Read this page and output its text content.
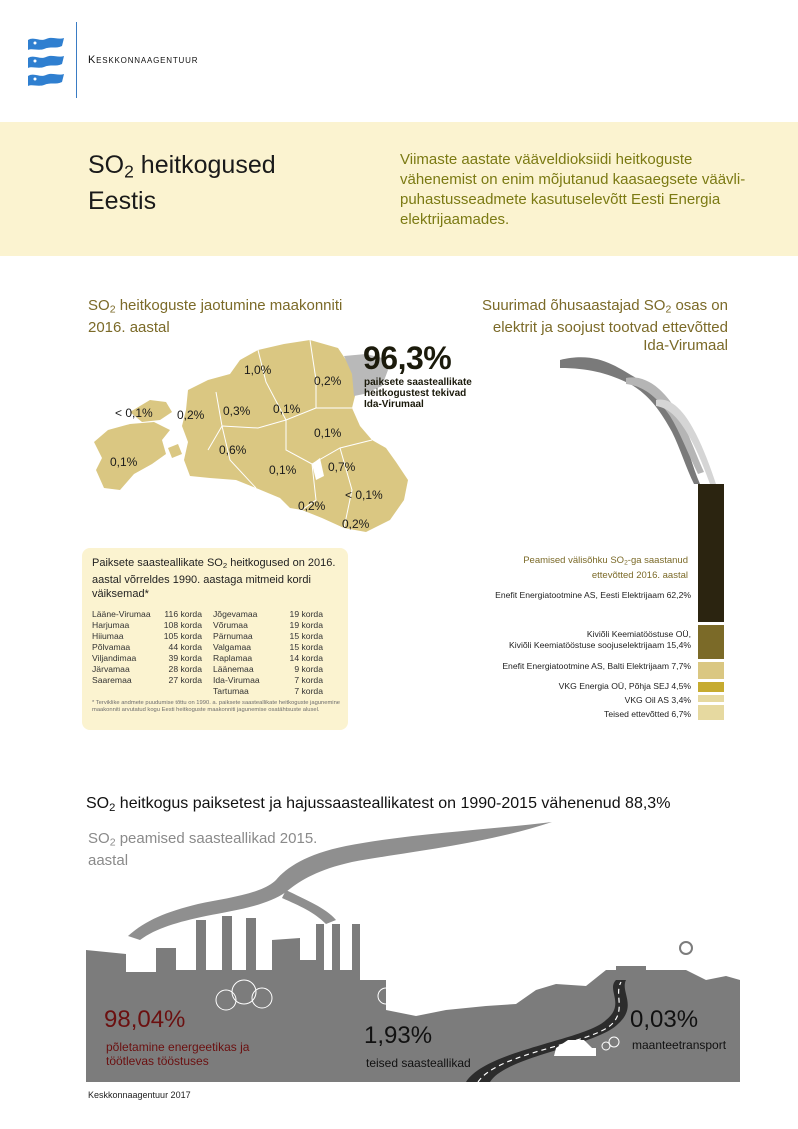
Keskkonnaagentuur
$SO_2$ heitkogused Eestis
Viimaste aastate vääveldioksiidi heitkoguste vähenemist on enim mõjutanud kaasaegsete väävli-puhastusseadmete kasutuselevõtt Eesti Energia elektrijaamades.
$SO_2$ heitkoguste jaotumine maakonniti 2016. aastal
1,0%
0,2%
< 0,1% 0,2% 0,3% 0,1%
0,1%
0,6%
0,1%
0,1%	0,7%
< 0,1%
0,2%
0,2%
96,3%
paiksete saasteallikate heitkogustest tekivad Ida-Virumaal
Paiksete saasteallikate $SO_2$ heitkogused on 2016. aastal võrreldes 1990. aastaga mitmeid kordi väiksemad*
Lääne-Virumaa 116 korda
Harjumaa	108 korda
Hiiumaa	105 korda
Põlvamaa	44 korda
Viljandimaa	39 korda
Järvamaa	28 korda
Saaremaa	27 korda
Jõgevamaa	19 korda
Võrumaa	19 korda
Pärnumaa	15 korda
Valgamaa	15 korda
Raplamaa	14 korda
Läänemaa	9 korda
Ida-Virumaa	7 korda
Tartumaa	7 korda
* Terviklike andmete puudumise tõttu on 1990. a. paiksete saasteallikate heitkoguste jagunemine maakonniti arvutatud kogu Eesti heitkoguste maakonniti jagunemise osatähtsuste alusel.
Suurimad õhusaastajad $SO_2$ osas on elektrit ja soojust tootvad ettevõtted Ida-Virumaal
Peamised välisõhku $SO_2-ga$ saastanud ettevõtted 2016. aastal
Enefit Energiatootmine AS, Eesti Elektrijaam 62,2%
Kiviõli Keemiatööstuse OÜ,
Kiviõli Keemiatööstuse soojuselektrijaam 15,4%
Enefit Energiatootmine AS, Balti Elektrijaam 7,7%
VKG Energia OÜ, Põhja SEJ 4,5%
VKG Oil AS 3,4%
Teised ettevõtted 6,7%
$SO_2$ heitkogus paiksetest ja hajussaasteallikatest on 1990-2015 vähenenud 88,3%
$SO_2$ peamised saasteallikad 2015. aastal
98,04%
põletamine energeetikas ja töötlevas tööstuses
1,93%
teised saasteallikad
0,03%
maanteetransport
Keskkonnaagentuur 2017
